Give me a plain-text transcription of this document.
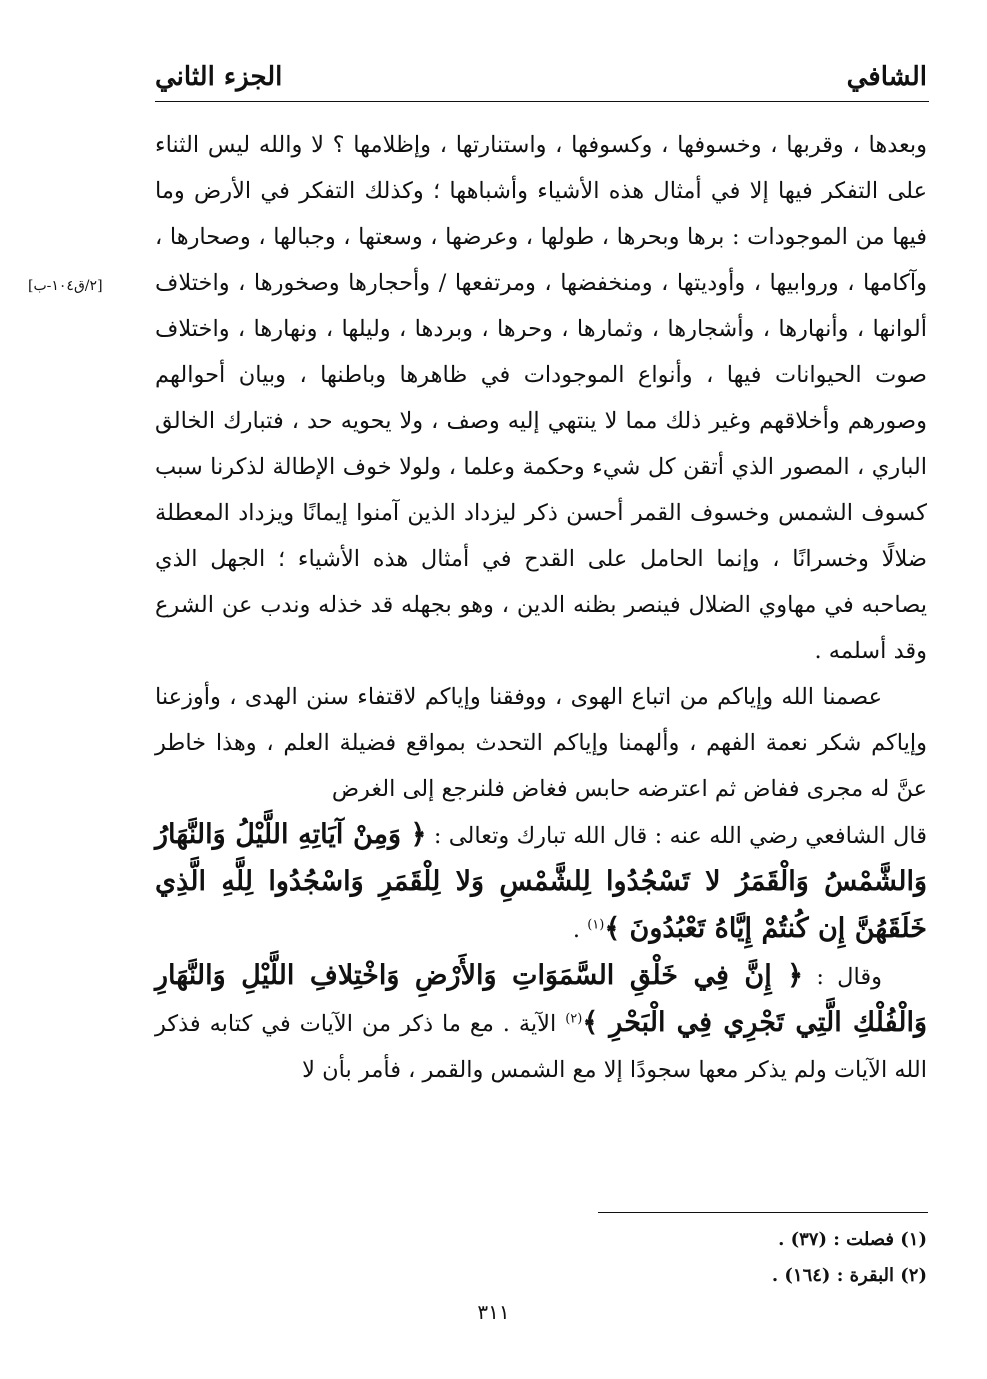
الشافي
الجزء الثاني
[٢/ق١٠٤-ب]

وبعدها ، وقربها ، وخسوفها ، وكسوفها ، واستنارتها ، وإظلامها ؟ لا والله ليس الثناء على التفكر فيها إلا في أمثال هذه الأشياء وأشباهها ؛ وكذلك التفكر في الأرض وما فيها من الموجودات : برها وبحرها ، طولها ، وعرضها ، وسعتها ، وجبالها ، وصحارها ، وآكامها ، وروابيها ، وأوديتها ، ومنخفضها ، ومرتفعها / وأحجارها وصخورها ، واختلاف ألوانها ، وأنهارها ، وأشجارها ، وثمارها ، وحرها ، وبردها ، وليلها ، ونهارها ، واختلاف صوت الحيوانات فيها ، وأنواع الموجودات في ظاهرها وباطنها ، وبيان أحوالهم وصورهم وأخلاقهم وغير ذلك مما لا ينتهي إليه وصف ، ولا يحويه حد ، فتبارك الخالق الباري ، المصور الذي أتقن كل شيء وحكمة وعلما ، ولولا خوف الإطالة لذكرنا سبب كسوف الشمس وخسوف القمر أحسن ذكر ليزداد الذين آمنوا إيمانًا ويزداد المعطلة ضلالًا وخسرانًا ، وإنما الحامل على القدح في أمثال هذه الأشياء ؛ الجهل الذي يصاحبه في مهاوي الضلال فينصر بظنه الدين ، وهو بجهله قد خذله وندب عن الشرع وقد أسلمه .

عصمنا الله وإياكم من اتباع الهوى ، ووفقنا وإياكم لاقتفاء سنن الهدى ، وأوزعنا وإياكم شكر نعمة الفهم ، وألهمنا وإياكم التحدث بمواقع فضيلة العلم ، وهذا خاطر عنَّ له مجرى ففاض ثم اعترضه حابس فغاض فلنرجع إلى الغرض

قال الشافعي رضي الله عنه : قال الله تبارك وتعالى : ﴿ وَمِنْ آيَاتِهِ اللَّيْلُ وَالنَّهَارُ وَالشَّمْسُ وَالْقَمَرُ لا تَسْجُدُوا لِلشَّمْسِ وَلا لِلْقَمَرِ وَاسْجُدُوا لِلَّهِ الَّذِي خَلَقَهُنَّ إِن كُنتُمْ إِيَّاهُ تَعْبُدُونَ ﴾$^{(١)}$ .

وقال : ﴿ إِنَّ فِي خَلْقِ السَّمَوَاتِ وَالأَرْضِ وَاخْتِلافِ اللَّيْلِ وَالنَّهَارِ وَالْفُلْكِ الَّتِي تَجْرِي فِي الْبَحْرِ ﴾$^{(٢)}$ الآية . مع ما ذكر من الآيات في كتابه فذكر الله الآيات ولم يذكر معها سجودًا إلا مع الشمس والقمر ، فأمر بأن لا

(١) فصلت : (٣٧) .

(٢) البقرة : (١٦٤) .

٣١١
